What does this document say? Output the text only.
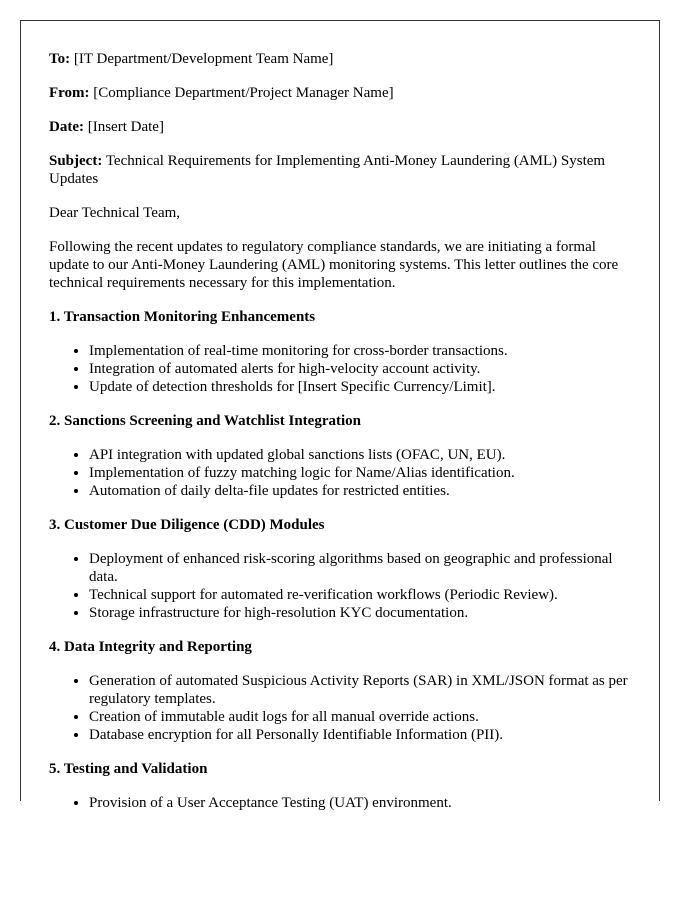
To: [IT Department/Development Team Name]

From: [Compliance Department/Project Manager Name]

Date: [Insert Date]

Subject: Technical Requirements for Implementing Anti-Money Laundering (AML) System Updates

Dear Technical Team,

Following the recent updates to regulatory compliance standards, we are initiating a formal update to our Anti-Money Laundering (AML) monitoring systems. This letter outlines the core technical requirements necessary for this implementation.

1. Transaction Monitoring Enhancements
• Implementation of real-time monitoring for cross-border transactions.
• Integration of automated alerts for high-velocity account activity.
• Update of detection thresholds for [Insert Specific Currency/Limit].
2. Sanctions Screening and Watchlist Integration
• API integration with updated global sanctions lists (OFAC, UN, EU).
• Implementation of fuzzy matching logic for Name/Alias identification.
• Automation of daily delta-file updates for restricted entities.
3. Customer Due Diligence (CDD) Modules
• Deployment of enhanced risk-scoring algorithms based on geographic and professional data.
• Technical support for automated re-verification workflows (Periodic Review).
• Storage infrastructure for high-resolution KYC documentation.
4. Data Integrity and Reporting
• Generation of automated Suspicious Activity Reports (SAR) in XML/JSON format as per regulatory templates.
• Creation of immutable audit logs for all manual override actions.
• Database encryption for all Personally Identifiable Information (PII).
5. Testing and Validation
• Provision of a User Acceptance Testing (UAT) environment.
